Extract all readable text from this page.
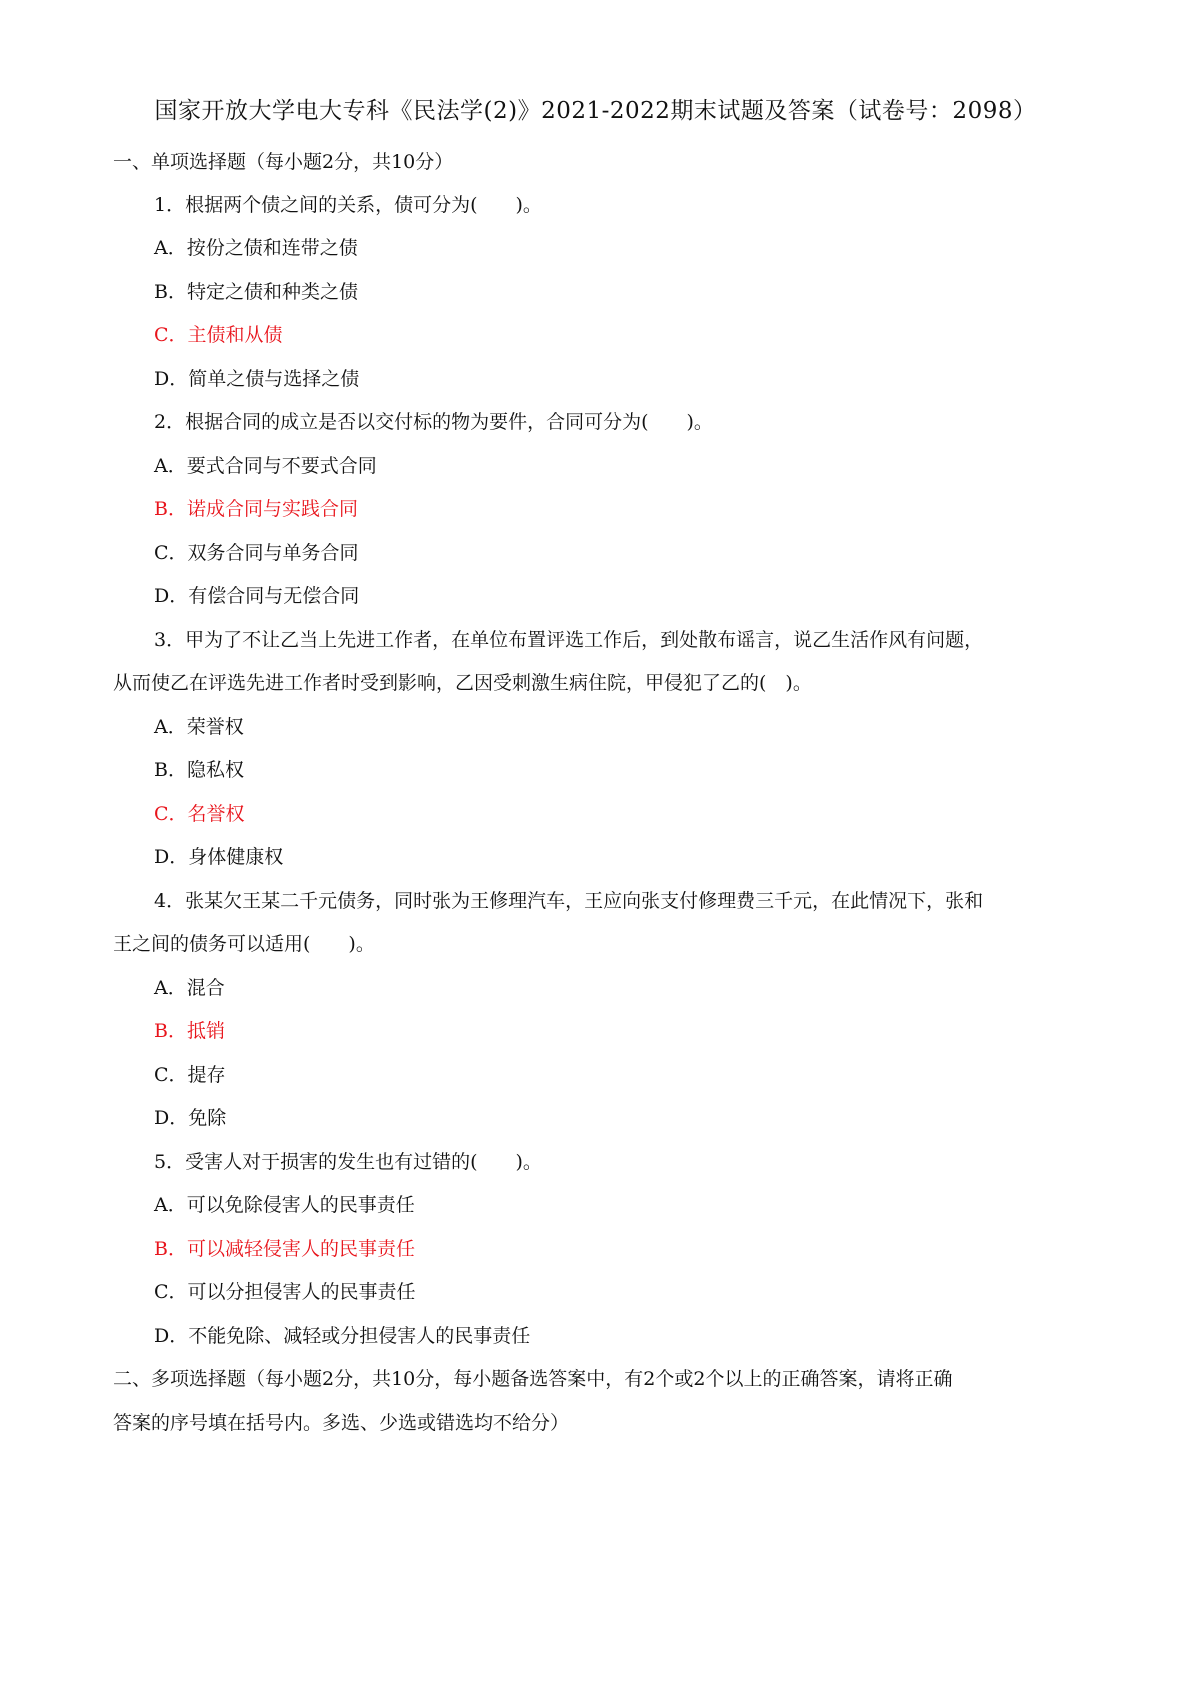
国家开放大学电大专科《民法学(2)》2021-2022期末试题及答案（试卷号：2098）
一、单项选择题（每小题2分，共10分）
1．根据两个债之间的关系，债可分为(　　)。
A．按份之债和连带之债
B．特定之债和种类之债
C．主债和从债
D．简单之债与选择之债
2．根据合同的成立是否以交付标的物为要件，合同可分为(　　)。
A．要式合同与不要式合同
B．诺成合同与实践合同
C．双务合同与单务合同
D．有偿合同与无偿合同
3．甲为了不让乙当上先进工作者，在单位布置评选工作后，到处散布谣言，说乙生活作风有问题，
从而使乙在评选先进工作者时受到影响，乙因受刺激生病住院，甲侵犯了乙的(　)。
A．荣誉权
B．隐私权
C．名誉权
D．身体健康权
4．张某欠王某二千元债务，同时张为王修理汽车，王应向张支付修理费三千元，在此情况下，张和
王之间的债务可以适用(　　)。
A．混合
B．抵销
C．提存
D．免除
5．受害人对于损害的发生也有过错的(　　)。
A．可以免除侵害人的民事责任
B．可以减轻侵害人的民事责任
C．可以分担侵害人的民事责任
D．不能免除、减轻或分担侵害人的民事责任
二、多项选择题（每小题2分，共10分，每小题备选答案中，有2个或2个以上的正确答案，请将正确
答案的序号填在括号内。多选、少选或错选均不给分）
